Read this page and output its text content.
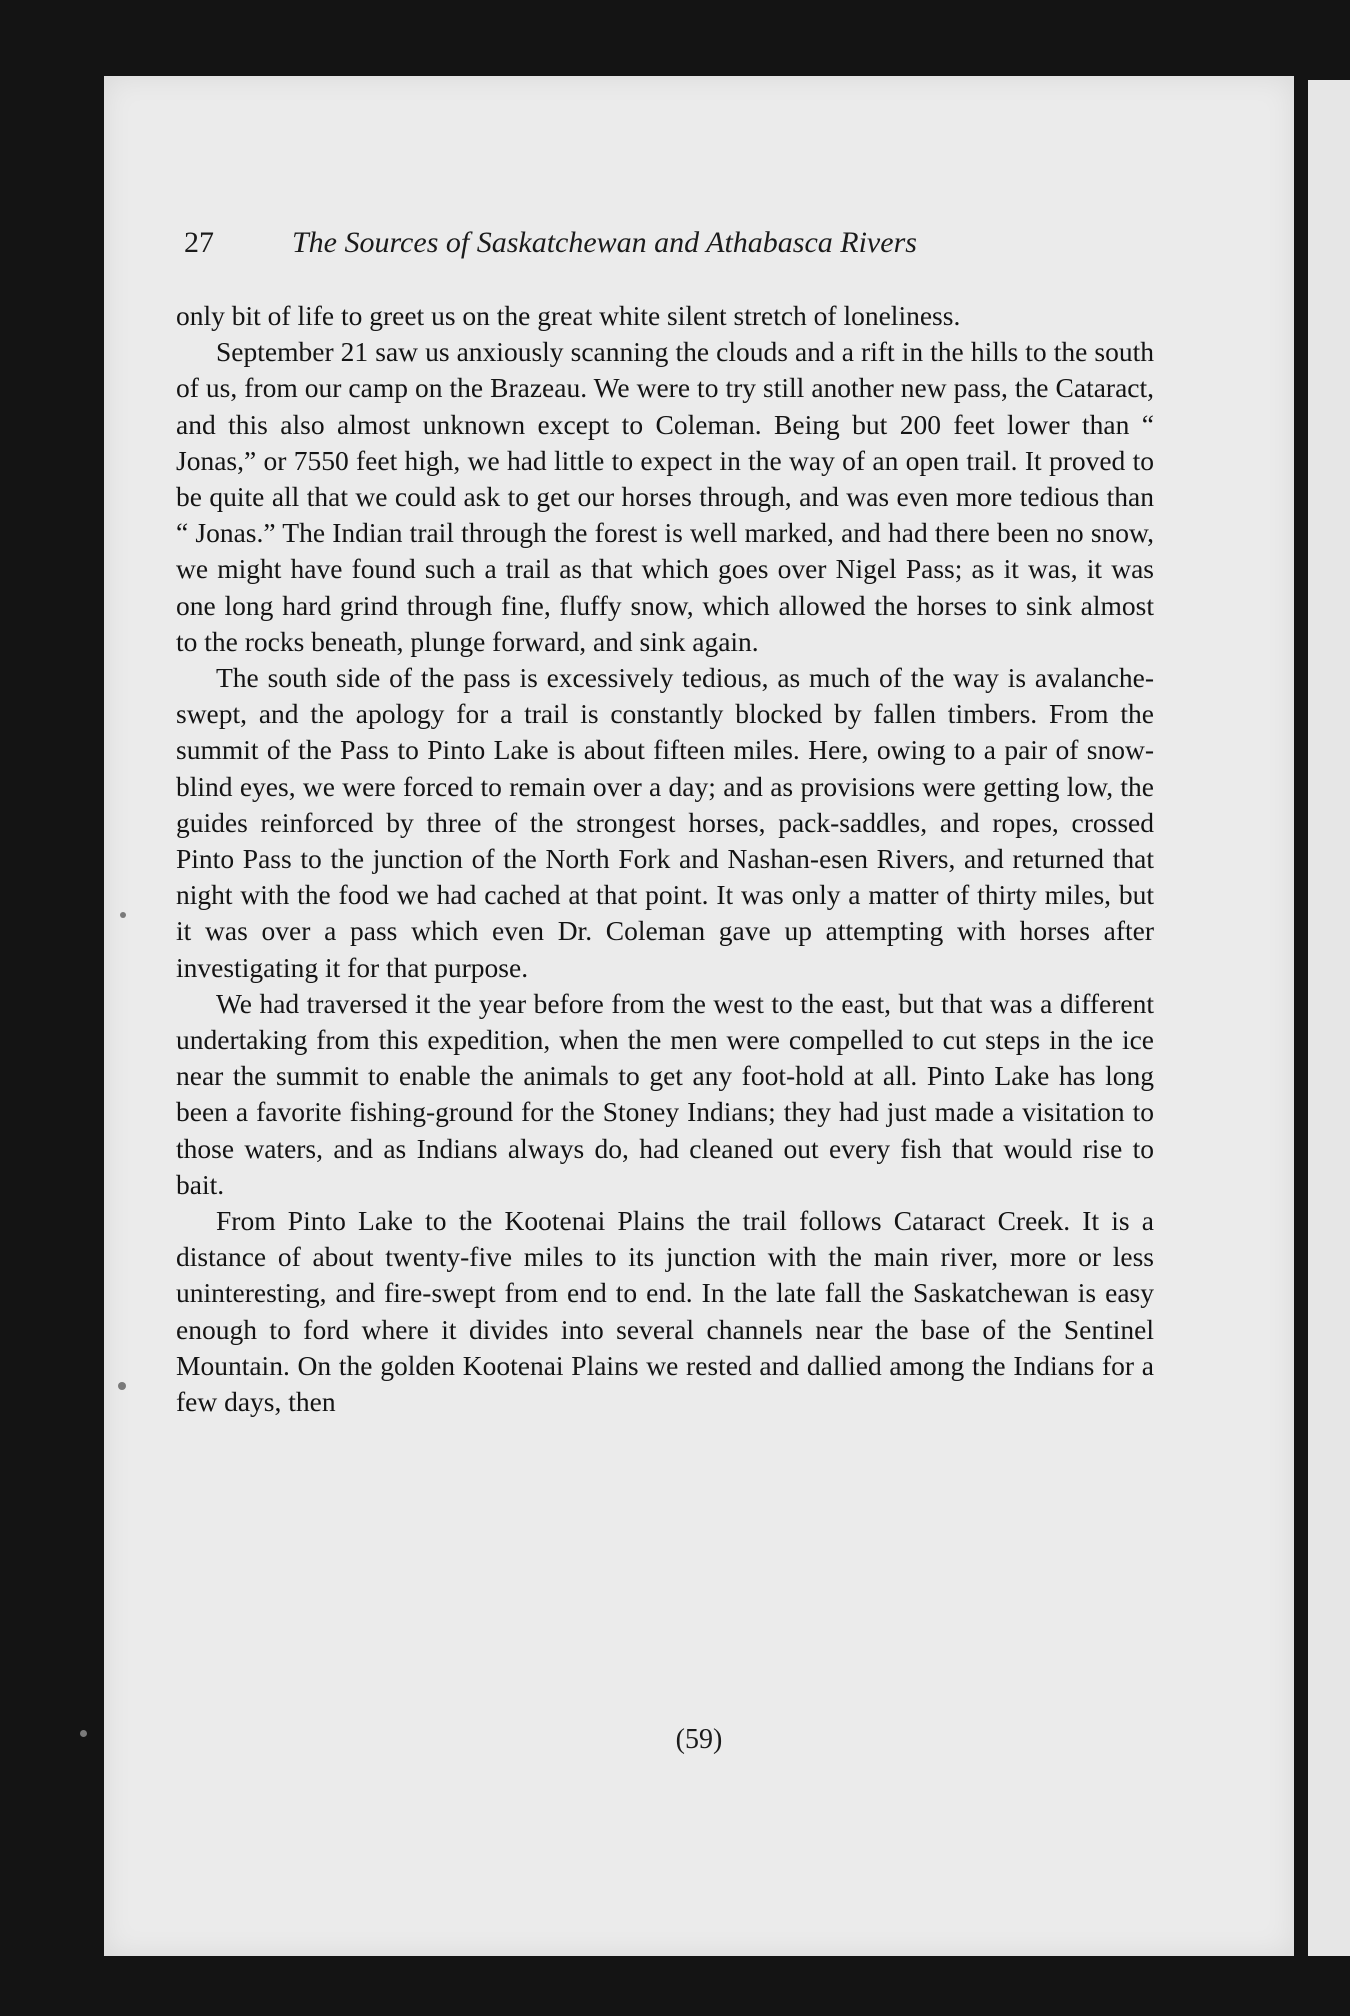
27	The Sources of Saskatchewan and Athabasca Rivers

only bit of life to greet us on the great white silent stretch of loneliness.

September 21 saw us anxiously scanning the clouds and a rift in the hills to the south of us, from our camp on the Brazeau. We were to try still another new pass, the Cataract, and this also almost unknown except to Coleman. Being but 200 feet lower than “ Jonas,” or 7550 feet high, we had little to expect in the way of an open trail. It proved to be quite all that we could ask to get our horses through, and was even more tedious than “ Jonas.” The Indian trail through the forest is well marked, and had there been no snow, we might have found such a trail as that which goes over Nigel Pass; as it was, it was one long hard grind through fine, fluffy snow, which allowed the horses to sink almost to the rocks beneath, plunge forward, and sink again.

The south side of the pass is excessively tedious, as much of the way is avalanche-swept, and the apology for a trail is constantly blocked by fallen timbers. From the summit of the Pass to Pinto Lake is about fifteen miles. Here, owing to a pair of snow-blind eyes, we were forced to remain over a day; and as provisions were getting low, the guides reinforced by three of the strongest horses, pack-saddles, and ropes, crossed Pinto Pass to the junction of the North Fork and Nashan-esen Rivers, and returned that night with the food we had cached at that point. It was only a matter of thirty miles, but it was over a pass which even Dr. Coleman gave up attempting with horses after investigating it for that purpose.

We had traversed it the year before from the west to the east, but that was a different undertaking from this expedition, when the men were compelled to cut steps in the ice near the summit to enable the animals to get any foot-hold at all. Pinto Lake has long been a favorite fishing-ground for the Stoney Indians; they had just made a visitation to those waters, and as Indians always do, had cleaned out every fish that would rise to bait.

From Pinto Lake to the Kootenai Plains the trail follows Cataract Creek. It is a distance of about twenty-five miles to its junction with the main river, more or less uninteresting, and fire-swept from end to end. In the late fall the Saskatchewan is easy enough to ford where it divides into several channels near the base of the Sentinel Mountain. On the golden Kootenai Plains we rested and dallied among the Indians for a few days, then

(59)
